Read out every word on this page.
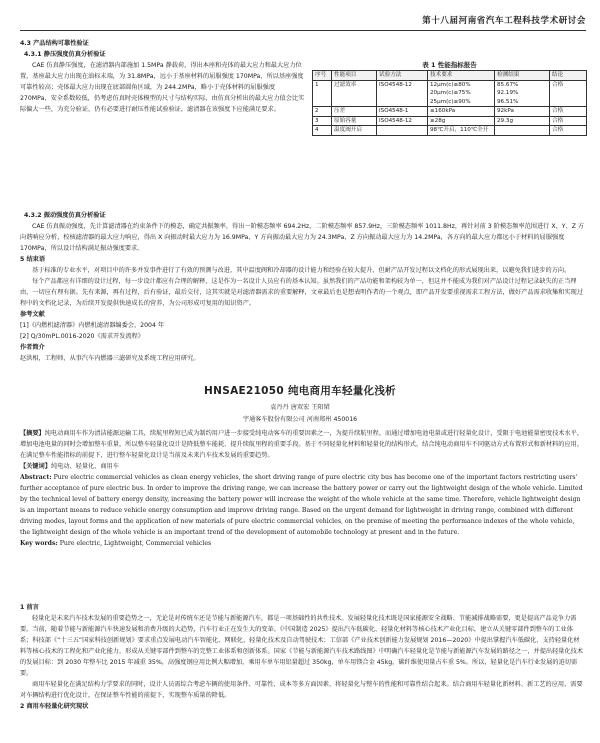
第十八届河南省汽车工程科技学术研讨会

4.3 产品结构可靠性验证

4.3.1 静压强度仿真分析验证

CAE 仿真静压强度，在滤清器内部施加 1.5MPa 静载荷，得出本座和壳体的最大应力和最大应力位置，基座最大应力出现在油标末端，为 31.8MPa，远小于基座材料的屈服强度 170MPa，所以基座强度可靠性较高；壳体最大应力出现在底部圆角区域，为 244.2MPa，略小于壳体材料的屈服强度 270MPa，安全系数较低，仍考虑仿真时壳体模型的尺寸与结构实际，由仿真分析出的最大应力值会比实际偏大一些，为充分验证，仍有必要进行耐压性能试验验证，滤清器在该强度下应能满足要求。

表 1 性能指标报告
序号	性能项目	试验方法	技术要求	检测结果	结论
1	过滤效率	ISO4548-12	12μm(c)≥80%
20μm(c)≥75%
25μm(c)≥90%	85.67%
92.19%
96.51%	合格
2	压差	ISO4548-1	≤160kPa	92kPa	合格
3	原始容量	ISO4548-12	≥28g	29.3g	合格
4	温度阀开启		98℃开启，110℃全开		合格

4.3.2 振动强度仿真分析验证

CAE 仿真振动强度，先计算滤清器在约束条件下的模态，确定共振频率，得出一阶模态频率 694.2Hz，二阶模态频率 857.9Hz，三阶模态频率 1011.8Hz，再针对前 3 阶模态频率范围进行 X、Y、Z 方向谐响应分析，校核滤清器的最大应力响应，得出 X 向振动时最大应力为 16.9MPa，Y 方向振动最大应力为 24.3MPa，Z 方向振动最大应力为 14.2MPa，各方向的最大应力都远小于材料的屈服强度 170MPa，所以设计结构满足振动强度要求。

5 结束语

基于标准的专业水平，对项目中的许多并发事件进行了有效的预测与改进，其中温度阀和冷却器的设计能力和经验在较大提升，但耐产品开发过程以文档化的形式展现出来，以避免我们进步的方向。

每个产品都应有详细的设计过程，每一步设计都应有合理的解释，这是作为一名设计人员应有的基本认知。虽然我们的产品功能和架构较为单一，但这并不能成为我们对产品设计过程记录缺失的正当理由，一切应有理有据。先有来源，再有过程，后有验证，最后交付，这其实就是对滤清器需求的重要解释，文章最后也是想表明作者的一个观点，即产品开发要重视需求工程方法，做好产品需求收集和实现过程中的文档化记录，为后续开发提供快速成长的营养，为公司形成可复用的知识资产。

参考文献

[1]《内燃机滤清器》内燃机滤清器编委会，2004 年

[2] Q/30mPL.0016-2020《需求开发流程》

作者简介

赵洪相，工程师，从事汽车内燃器三滤研究及系统工程应用研究。

HNSAE21050 纯电商用车轻量化浅析
袁丹丹 唐双宏 王阳珺
宇通客车股份有限公司 河南郑州 450016

【摘要】纯电动商用车作为清洁能源运输工具，续航里程短已成为制约用户进一步接受纯电动客车的重要因素之一，为提升续航里程，而通过增加电池电量或进行轻量化设计，受限于电池能量密度技术水平，增加电池电量的同时会增加整车重量，所以整车轻量化设计是降低整车能耗、提升续航里程的重要手段。基于不同轻量化材料和轻量化的结构形式，结合纯电动商用车不同驱动方式布置形式和新材料的应用，在满足整车性能指标的前提下，进行整车轻量化设计是当前及未来汽车技术发展的重要趋势。

【关键词】纯电动、轻量化、商用车

Abstract: Pure electric commercial vehicles as clean energy vehicles, the short driving range of pure electric city bus has become one of the important factors restricting users' further acceptance of pure electric bus. In order to improve the driving range, we can increase the battery power or carry out the lightweight design of the whole vehicle. Limited by the technical level of battery energy density, increasing the battery power will increase the weight of the whole vehicle at the same time. Therefore, vehicle lightweight design is an important means to reduce vehicle energy consumption and improve driving range. Based on the urgent demand for lightweight in driving range, combined with different driving modes, layout forms and the application of new materials of pure electric commercial vehicles, on the premise of meeting the performance indexes of the whole vehicle, the lightweight design of the whole vehicle is an important trend of the development of automobile technology at present and in the future.

Key words: Pure electric, Lightweight, Commercial vehicles

1 前言

轻量化是未来汽车技术发展的重要趋势之一，无论是对传统车还是节能与新能源汽车，都是一项基础性的共性技术。发展轻量化技术既是国家能源安全战略、节能减排战略需要，更是提高产品竞争力需要。当前，随着节能与新能源汽车快速发展和消费升级的大趋势，汽车行业正在发生大的变革。《中国制造 2025》提出汽车低碳化、轻量化材料等核心技术产业化目标，建立从关键零部件到整车的工业体系；科技部《“十三五”国家科技创新规划》要求重点发展电动汽车智能化、网联化、轻量化技术及自动驾驶技术；工信部《产业技术创新能力发展规划 2016—2020》中提出掌握汽车低碳化、支持轻量化材料等核心技术的工程化和产业化能力，形成从关键零部件到整车的完整工业体系和创新体系。国家《节能与新能源汽车技术路线图》中明确汽车轻量化是节能与新能源汽车发展的路径之一，并提出轻量化技术的发展目标：到 2030 年整车比 2015 年减重 35%，高强度钢应用比例大幅增加，乘用车单车用铝量超过 350kg，单车用镁合金 45kg，碳纤维使用量占车重 5%。所以，轻量化是汽车行业发展的迫切需要。

商用车轻量化在满足结构力学要求的同时，设计人员需综合考虑车辆的使用条件、可靠性、成本等多方面因素，将轻量化与整车的性能和可靠性结合起来。结合商用车轻量化新材料、新工艺的应用，需要对车辆结构进行优化设计，在保证整车性能的前提下，实现整车质量的降低。

2 商用车轻量化研究现状
